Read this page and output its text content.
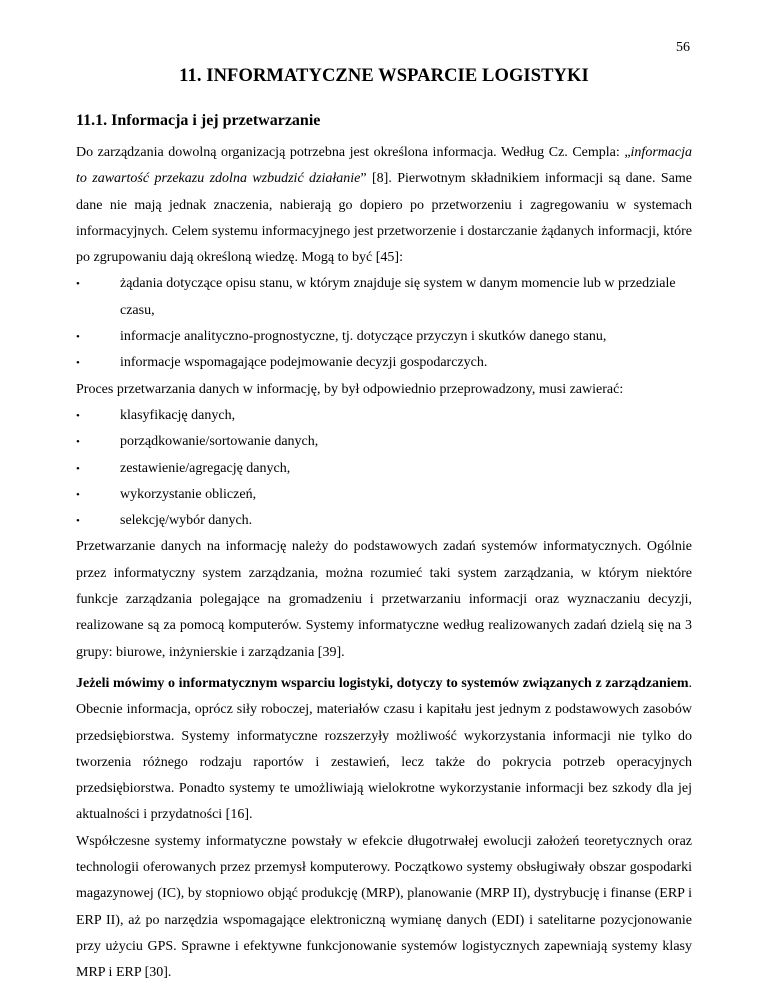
56
11. INFORMATYCZNE WSPARCIE LOGISTYKI
11.1. Informacja i jej przetwarzanie

Do zarządzania dowolną organizacją potrzebna jest określona informacja. Według Cz. Cempla: „informacja to zawartość przekazu zdolna wzbudzić działanie” [8]. Pierwotnym składnikiem informacji są dane. Same dane nie mają jednak znaczenia, nabierają go dopiero po przetworzeniu i zagregowaniu w systemach informacyjnych. Celem systemu informacyjnego jest przetworzenie i dostarczanie żądanych informacji, które po zgrupowaniu dają określoną wiedzę. Mogą to być [45]:

•	żądania dotyczące opisu stanu, w którym znajduje się system w danym momencie lub w przedziale czasu,
•	informacje analityczno-prognostyczne, tj. dotyczące przyczyn i skutków danego stanu,
•	informacje wspomagające podejmowanie decyzji gospodarczych.

Proces przetwarzania danych w informację, by był odpowiednio przeprowadzony, musi zawierać:

•	klasyfikację danych,
•	porządkowanie/sortowanie danych,
•	zestawienie/agregację danych,
•	wykorzystanie obliczeń,
•	selekcję/wybór danych.

Przetwarzanie danych na informację należy do podstawowych zadań systemów informatycznych. Ogólnie przez informatyczny system zarządzania, można rozumieć taki system zarządzania, w którym niektóre funkcje zarządzania polegające na gromadzeniu i przetwarzaniu informacji oraz wyznaczaniu decyzji, realizowane są za pomocą komputerów. Systemy informatyczne według realizowanych zadań dzielą się na 3 grupy: biurowe, inżynierskie i zarządzania [39].

Jeżeli mówimy o informatycznym wsparciu logistyki, dotyczy to systemów związanych z zarządzaniem. Obecnie informacja, oprócz siły roboczej, materiałów czasu i kapitału jest jednym z podstawowych zasobów przedsiębiorstwa. Systemy informatyczne rozszerzyły możliwość wykorzystania informacji nie tylko do tworzenia różnego rodzaju raportów i zestawień, lecz także do pokrycia potrzeb operacyjnych przedsiębiorstwa. Ponadto systemy te umożliwiają wielokrotne wykorzystanie informacji bez szkody dla jej aktualności i przydatności [16].

Współczesne systemy informatyczne powstały w efekcie długotrwałej ewolucji założeń teoretycznych oraz technologii oferowanych przez przemysł komputerowy. Początkowo systemy obsługiwały obszar gospodarki magazynowej (IC), by stopniowo objąć produkcję (MRP), planowanie (MRP II), dystrybucję i finanse (ERP i ERP II), aż po narzędzia wspomagające elektroniczną wymianę danych (EDI) i satelitarne pozycjonowanie przy użyciu GPS. Sprawne i efektywne funkcjonowanie systemów logistycznych zapewniają systemy klasy MRP i ERP [30].
